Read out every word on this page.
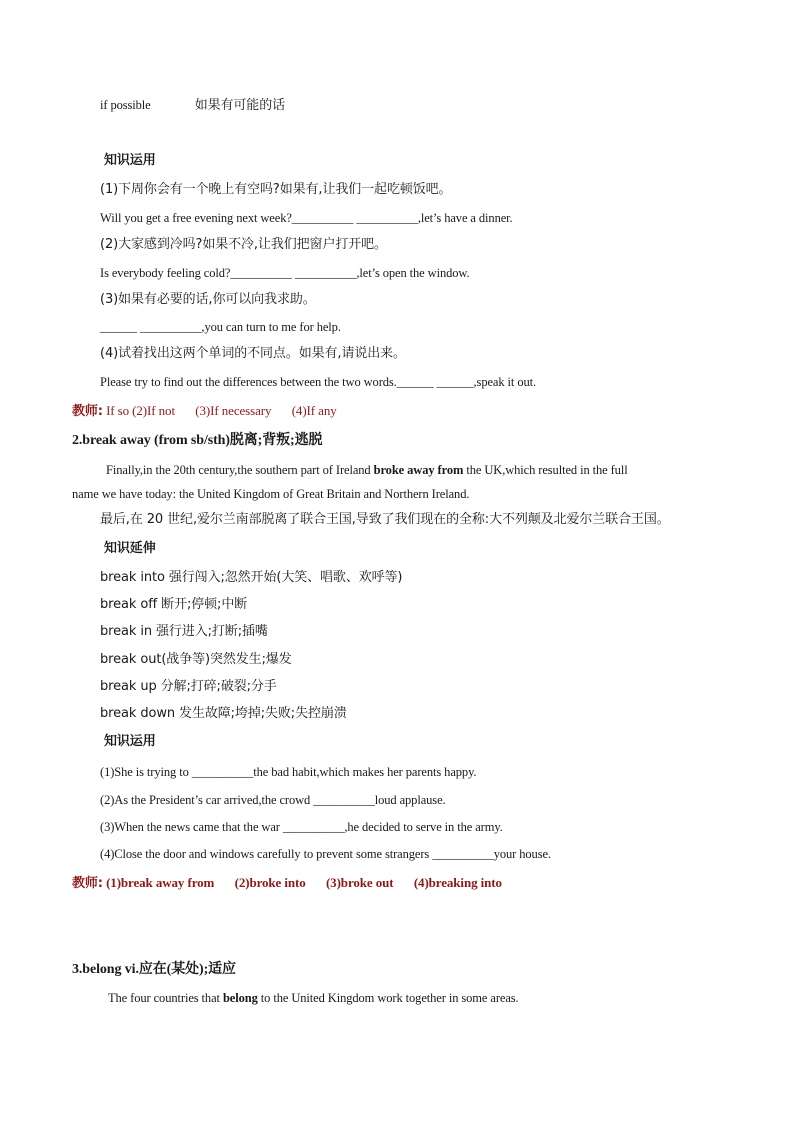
if possible	如果有可能的话
知识运用
(1)下周你会有一个晚上有空吗?如果有,让我们一起吃顿饭吧。
Will you get a free evening next week?__________ __________,let’s have a dinner.
(2)大家感到冷吗?如果不冷,让我们把窗户打开吧。
Is everybody feeling cold?__________ __________,let’s open the window.
(3)如果有必要的话,你可以向我求助。
______ __________,you can turn to me for help.
(4)试着找出这两个单词的不同点。如果有,请说出来。
Please try to find out the differences between the two words.______ ______,speak it out.
教师: If so (2)If not (3)If necessary (4)If any
2.break away (from sb/sth)脱离;背叛;逃脱
Finally,in the 20th century,the southern part of Ireland broke away from the UK,which resulted in the full
name we have today: the United Kingdom of Great Britain and Northern Ireland.
最后,在 20 世纪,爱尔兰南部脱离了联合王国,导致了我们现在的全称:大不列颠及北爱尔兰联合王国。
知识延伸
break into 强行闯入;忽然开始(大笑、唱歌、欢呼等)
break off 断开;停顿;中断
break in 强行进入;打断;插嘴
break out(战争等)突然发生;爆发
break up 分解;打碎;破裂;分手
break down 发生故障;垮掉;失败;失控崩溃
知识运用
(1)She is trying to __________the bad habit,which makes her parents happy.
(2)As the President’s car arrived,the crowd __________loud applause.
(3)When the news came that the war __________,he decided to serve in the army.
(4)Close the door and windows carefully to prevent some strangers __________your house.
教师: (1)break away from (2)broke into (3)broke out (4)breaking into
3.belong vi.应在(某处);适应
The four countries that belong to the United Kingdom work together in some areas.
